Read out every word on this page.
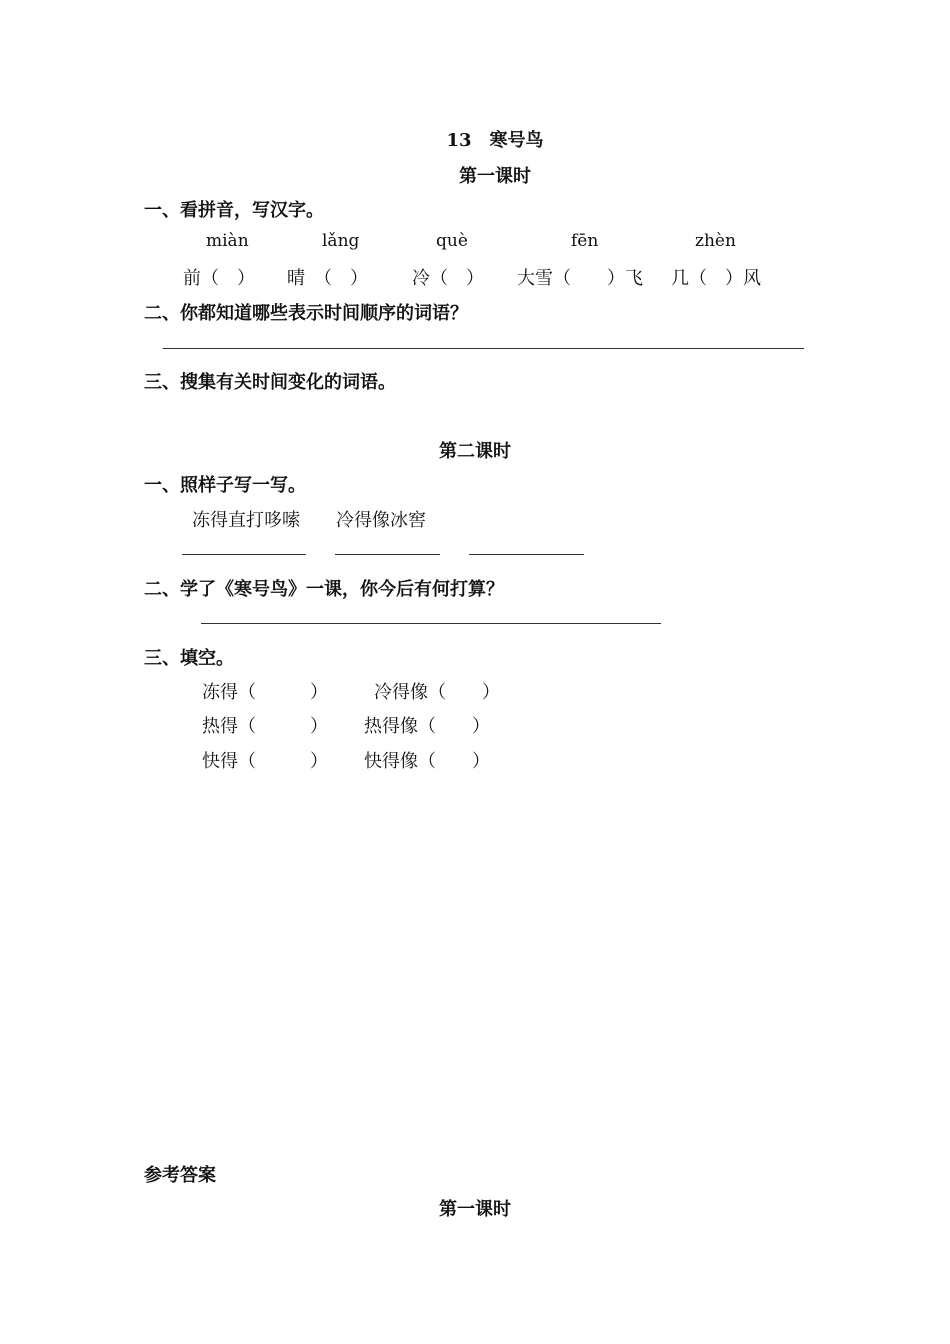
13　寒号鸟
第一课时
一、看拼音，写汉字。
miàn	lǎng	què	fēn	zhèn
前（　） 晴　（　） 冷（　） 大雪（　　）飞 几（　）风
二、你都知道哪些表示时间顺序的词语？
三、搜集有关时间变化的词语。
第二课时
一、照样子写一写。
冻得直打哆嗦 冷得像冰窖
二、学了《寒号鸟》一课，你今后有何打算？
三、填空。
冻得（　　　）	冷得像（　　）
热得（　　　） 热得像（　　）
快得（　　　） 快得像（　　）
参考答案
第一课时
